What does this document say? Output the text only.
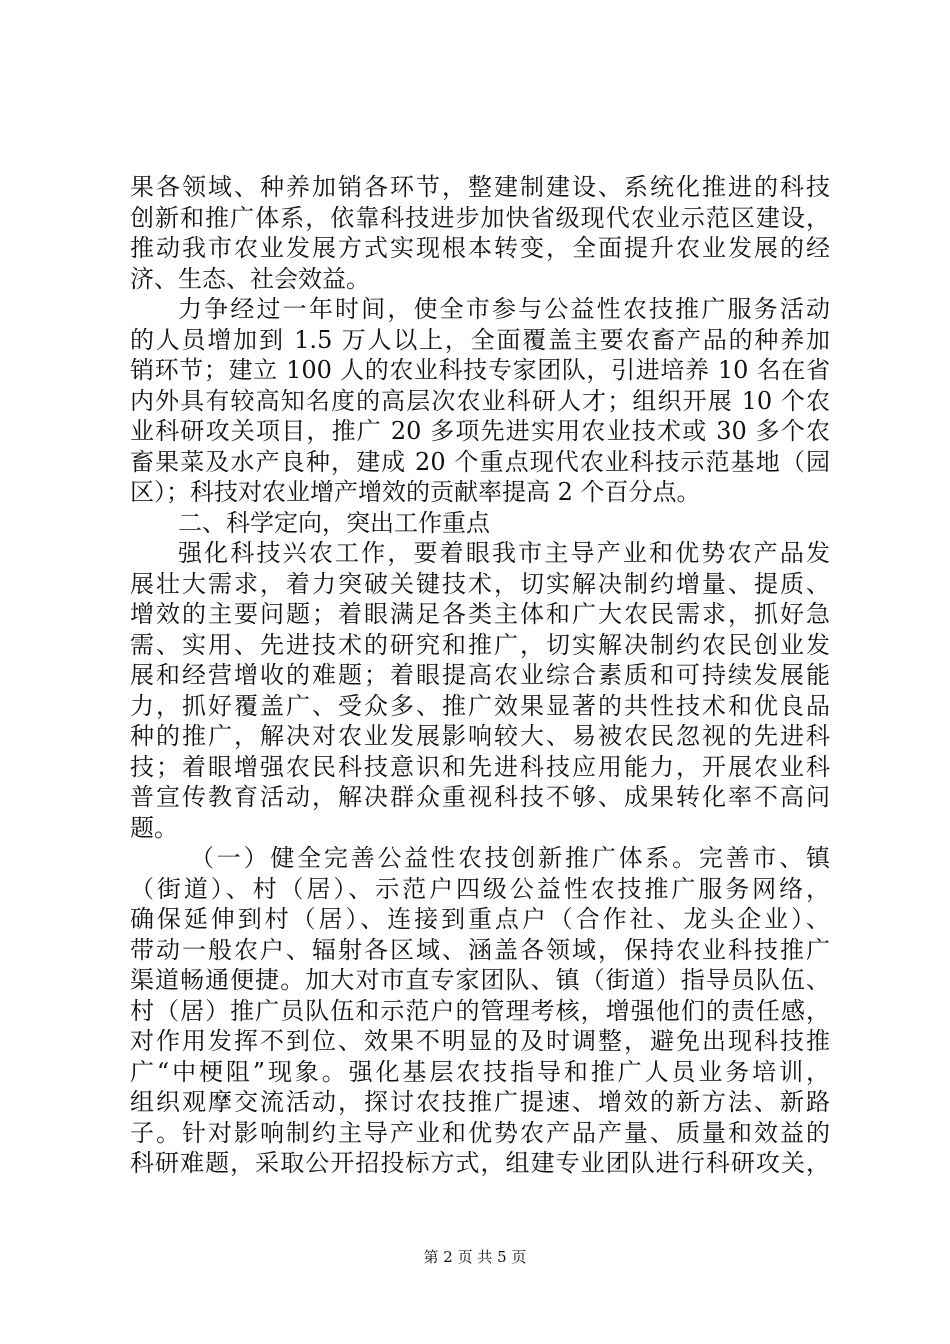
果各领域、种养加销各环节，整建制建设、系统化推进的科技
创新和推广体系，依靠科技进步加快省级现代农业示范区建设，
推动我市农业发展方式实现根本转变，全面提升农业发展的经
济、生态、社会效益。
力争经过一年时间，使全市参与公益性农技推广服务活动
的人员增加到 1.5 万人以上，全面覆盖主要农畜产品的种养加
销环节；建立 100 人的农业科技专家团队，引进培养 10 名在省
内外具有较高知名度的高层次农业科研人才；组织开展 10 个农
业科研攻关项目，推广 20 多项先进实用农业技术或 30 多个农
畜果菜及水产良种，建成 20 个重点现代农业科技示范基地（园
区）；科技对农业增产增效的贡献率提高 2 个百分点。
二、科学定向，突出工作重点
强化科技兴农工作，要着眼我市主导产业和优势农产品发
展壮大需求，着力突破关键技术，切实解决制约增量、提质、
增效的主要问题；着眼满足各类主体和广大农民需求，抓好急
需、实用、先进技术的研究和推广，切实解决制约农民创业发
展和经营增收的难题；着眼提高农业综合素质和可持续发展能
力，抓好覆盖广、受众多、推广效果显著的共性技术和优良品
种的推广，解决对农业发展影响较大、易被农民忽视的先进科
技；着眼增强农民科技意识和先进科技应用能力，开展农业科
普宣传教育活动，解决群众重视科技不够、成果转化率不高问
题。
（一）健全完善公益性农技创新推广体系。完善市、镇
（街道）、村（居）、示范户四级公益性农技推广服务网络，
确保延伸到村（居）、连接到重点户（合作社、龙头企业）、
带动一般农户、辐射各区域、涵盖各领域，保持农业科技推广
渠道畅通便捷。加大对市直专家团队、镇（街道）指导员队伍、
村（居）推广员队伍和示范户的管理考核，增强他们的责任感，
对作用发挥不到位、效果不明显的及时调整，避免出现科技推
广“中梗阻”现象。强化基层农技指导和推广人员业务培训，
组织观摩交流活动，探讨农技推广提速、增效的新方法、新路
子。针对影响制约主导产业和优势农产品产量、质量和效益的
科研难题，采取公开招投标方式，组建专业团队进行科研攻关，
第 2 页 共 5 页
